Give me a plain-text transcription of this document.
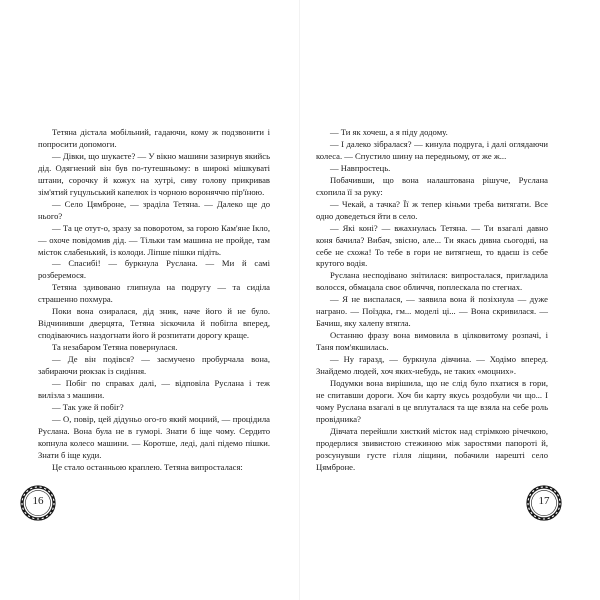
Тетяна дістала мобільний, гадаючи, кому ж подзвонити і попросити допомоги.

— Дівки, що шукаєте? — У вікно машини зазирнув якийсь дід. Одягнений він був по-тутешньому: в широкі мішкуваті штани, сорочку й кожух на хутрі, сиву голову прикривав зім'ятий гуцульський капелюх із чорною вороняччю пір'їною.

— Село Цямброне, — зраділа Тетяна. — Далеко ще до нього?

— Та це отут-о, зразу за поворотом, за горою Кам'яне Ікло, — охоче повідомив дід. — Тільки там машина не пройде, там місток слабенький, із колоди. Ліпше пішки підіть.

— Спасибі! — буркнула Руслана. — Ми й самі розберемося.

Тетяна здивовано глипнула на подругу — та сиділа страшенно похмура.

Поки вона озиралася, дід зник, наче його й не було. Відчинивши дверцята, Тетяна зіскочила й побігла вперед, сподіваючись наздогнати його й розпитати дорогу краще.

Та незабаром Тетяна повернулася.

— Де він подівся? — засмучено пробурчала вона, забираючи рюкзак із сидіння.

— Побіг по справах далі, — відповіла Руслана і теж вилізла з машини.

— Так уже й побіг?

— О, повір, цей дідуньо ого-го який моцний, — процідила Руслана. Вона була не в гуморі. Знати б іще чому. Сердито копнула колесо машини. — Коротше, леді, далі підемо пішки. Знати б іще куди.

Це стало останньою краплею. Тетяна випросталася:

16

— Ти як хочеш, а я піду додому.

— І далеко зібралася? — кинула подруга, і далі оглядаючи колеса. — Спустило шину на передньому, от же ж...

— Навпростець.

Побачивши, що вона налаштована рішуче, Руслана схопила її за руку:

— Чекай, а тачка? Її ж тепер кіньми треба витягати. Все одно доведеться йти в село.

— Які коні? — вжахнулась Тетяна. — Ти взагалі давно коня бачила? Вибач, звісно, але... Ти якась дивна сьогодні, на себе не схожа! То тебе в гори не витягнеш, то вдаєш із себе крутого водія.

Руслана несподівано знітилася: випросталася, пригладила волосся, обмацала своє обличчя, поплескала по стегнах.

— Я не виспалася, — заявила вона й позіхнула — дуже награно. — Поїздка, гм... моделі ці... — Вона скривилася. — Бачиш, яку халепу втягла.

Останню фразу вона вимовила в цілковитому розпачі, і Таня пом'якшилась.

— Ну гаразд, — буркнула дівчина. — Ходімо вперед. Знайдемо людей, хоч яких-небудь, не таких «моцних».

Подумки вона вирішила, що не слід було пхатися в гори, не спитавши дороги. Хоч би карту якусь роздобули чи що... І чому Руслана взагалі в це вплуталася та ще взяла на себе роль провідника?

Дівчата перейшли хисткий місток над стрімкою річечкою, продерлися звивистою стежиною між заростями папороті й, розсунувши густе гілля ліщини, побачили нарешті село Цямброне.

17
